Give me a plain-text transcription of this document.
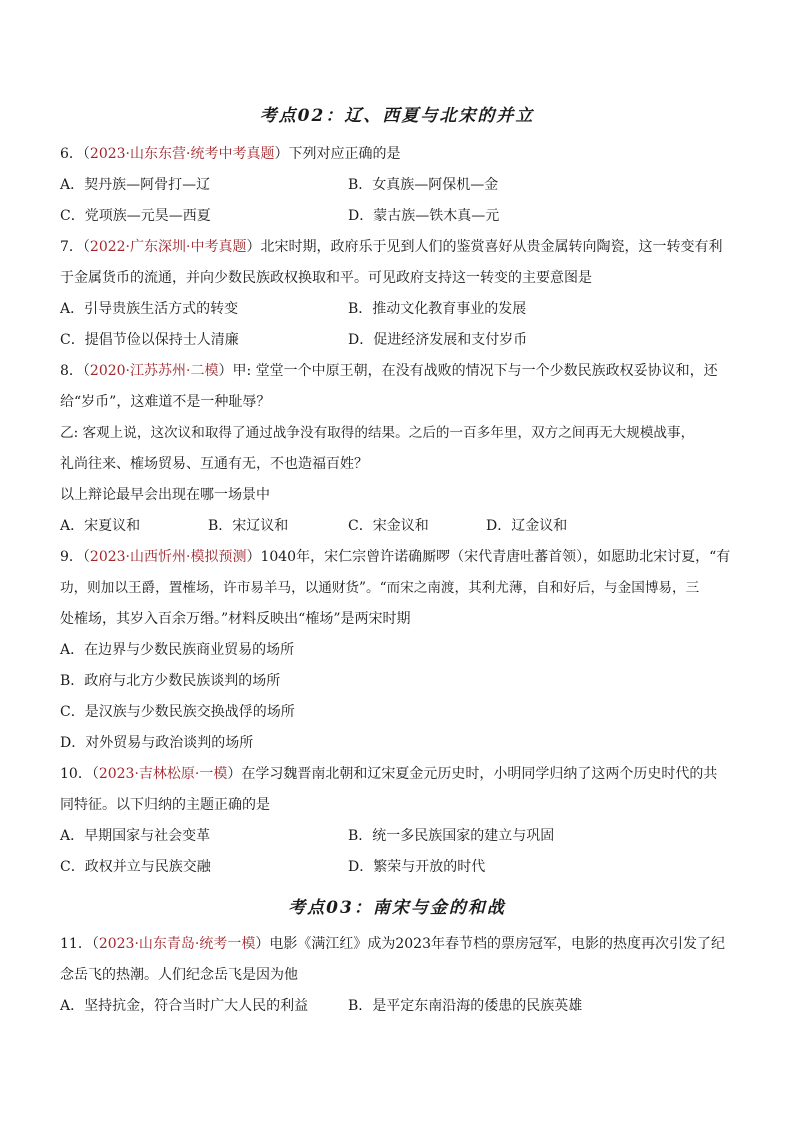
考点02：辽、西夏与北宋的并立
6．（2023·山东东营·统考中考真题）下列对应正确的是
A．契丹族—阿骨打—辽	B．女真族—阿保机—金
C．党项族—元昊—西夏	D．蒙古族—铁木真—元
7．（2022·广东深圳·中考真题）北宋时期，政府乐于见到人们的鉴赏喜好从贵金属转向陶瓷，这一转变有利
于金属货币的流通，并向少数民族政权换取和平。可见政府支持这一转变的主要意图是
A．引导贵族生活方式的转变	B．推动文化教育事业的发展
C．提倡节俭以保持士人清廉	D．促进经济发展和支付岁币
8．（2020·江苏苏州·二模）甲: 堂堂一个中原王朝，在没有战败的情况下与一个少数民族政权妥协议和，还
给“岁币”，这难道不是一种耻辱？
乙: 客观上说，这次议和取得了通过战争没有取得的结果。之后的一百多年里，双方之间再无大规模战事，
礼尚往来、榷场贸易、互通有无，不也造福百姓？
以上辩论最早会出现在哪一场景中
A．宋夏议和	B．宋辽议和	C．宋金议和	D．辽金议和
9．（2023·山西忻州·模拟预测）1040年，宋仁宗曾许诺确厮啰（宋代青唐吐蕃首领），如愿助北宋讨夏，“有
功，则加以王爵，置榷场，许市易羊马，以通财货”。“而宋之南渡，其利尤薄，自和好后，与金国博易，三
处榷场，其岁入百余万缗。”材料反映出“榷场”是两宋时期
A．在边界与少数民族商业贸易的场所
B．政府与北方少数民族谈判的场所
C．是汉族与少数民族交换战俘的场所
D．对外贸易与政治谈判的场所
10．（2023·吉林松原·一模）在学习魏晋南北朝和辽宋夏金元历史时，小明同学归纳了这两个历史时代的共
同特征。以下归纳的主题正确的是
A．早期国家与社会变革	B．统一多民族国家的建立与巩固
C．政权并立与民族交融	D．繁荣与开放的时代
考点03：南宋与金的和战
11．（2023·山东青岛·统考一模）电影《满江红》成为2023年春节档的票房冠军，电影的热度再次引发了纪
念岳飞的热潮。人们纪念岳飞是因为他
A．坚持抗金，符合当时广大人民的利益	B．是平定东南沿海的倭患的民族英雄
